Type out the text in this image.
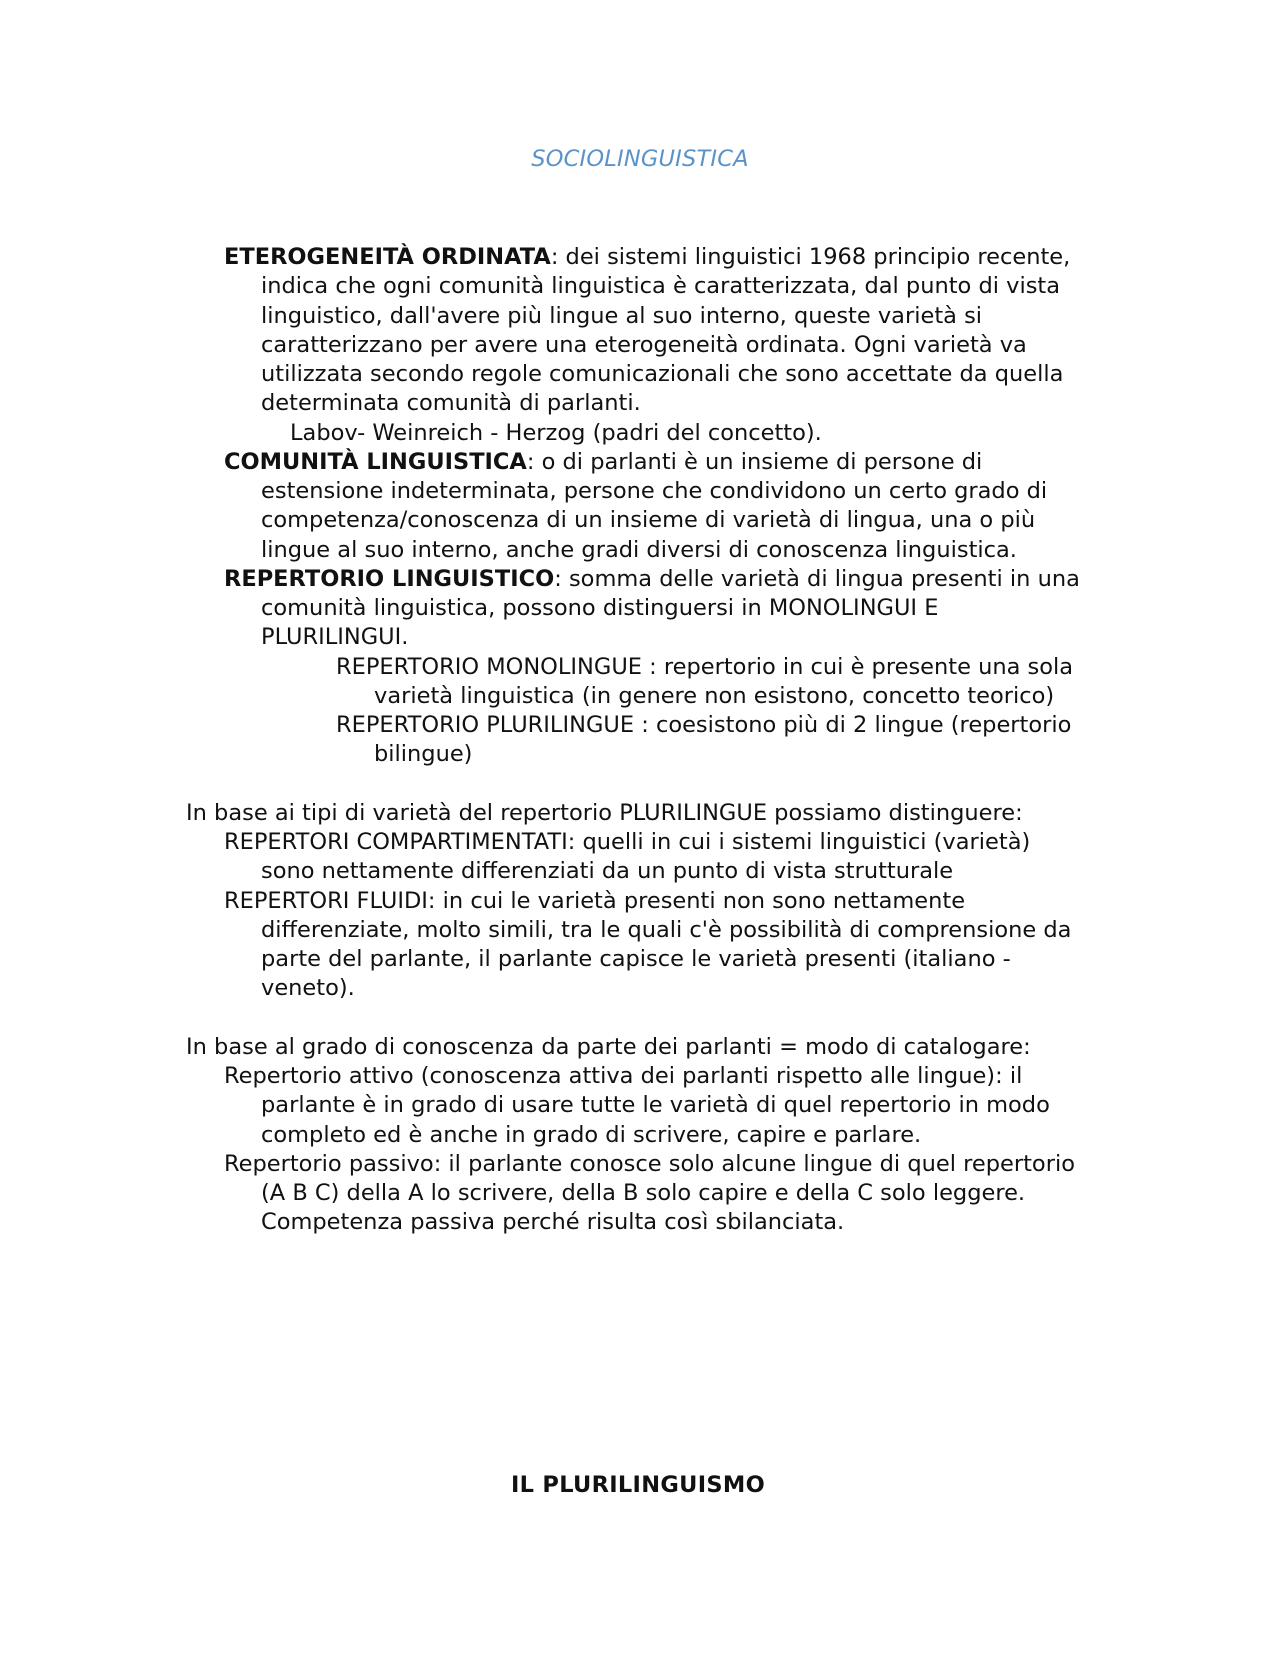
SOCIOLINGUISTICA
ETEROGENEITÀ ORDINATA: dei sistemi linguistici 1968 principio recente, indica che ogni comunità linguistica è caratterizzata, dal punto di vista linguistico, dall'avere più lingue al suo interno, queste varietà si caratterizzano per avere una eterogeneità ordinata. Ogni varietà va utilizzata secondo regole comunicazionali che sono accettate da quella determinata comunità di parlanti.
Labov- Weinreich - Herzog (padri del concetto).
COMUNITÀ LINGUISTICA: o di parlanti è un insieme di persone di estensione indeterminata, persone che condividono un certo grado di competenza/conoscenza di un insieme di varietà di lingua, una o più lingue al suo interno, anche gradi diversi di conoscenza linguistica.
REPERTORIO LINGUISTICO: somma delle varietà di lingua presenti in una comunità linguistica, possono distinguersi in MONOLINGUI E PLURILINGUI.
REPERTORIO MONOLINGUE : repertorio in cui è presente una sola varietà linguistica (in genere non esistono, concetto teorico)
REPERTORIO PLURILINGUE : coesistono più di 2 lingue (repertorio bilingue)
In base ai tipi di varietà del repertorio PLURILINGUE possiamo distinguere:
REPERTORI COMPARTIMENTATI: quelli in cui i sistemi linguistici (varietà) sono nettamente differenziati da un punto di vista strutturale
REPERTORI FLUIDI: in cui le varietà presenti non sono nettamente differenziate, molto simili, tra le quali c'è possibilità di comprensione da parte del parlante, il parlante capisce le varietà presenti (italiano - veneto).
In base al grado di conoscenza da parte dei parlanti = modo di catalogare:
Repertorio attivo (conoscenza attiva dei parlanti rispetto alle lingue): il parlante è in grado di usare tutte le varietà di quel repertorio in modo completo ed è anche in grado di scrivere, capire e parlare.
Repertorio passivo: il parlante conosce solo alcune lingue di quel repertorio (A B C) della A lo scrivere, della B solo capire e della C solo leggere. Competenza passiva perché risulta così sbilanciata.
IL PLURILINGUISMO
